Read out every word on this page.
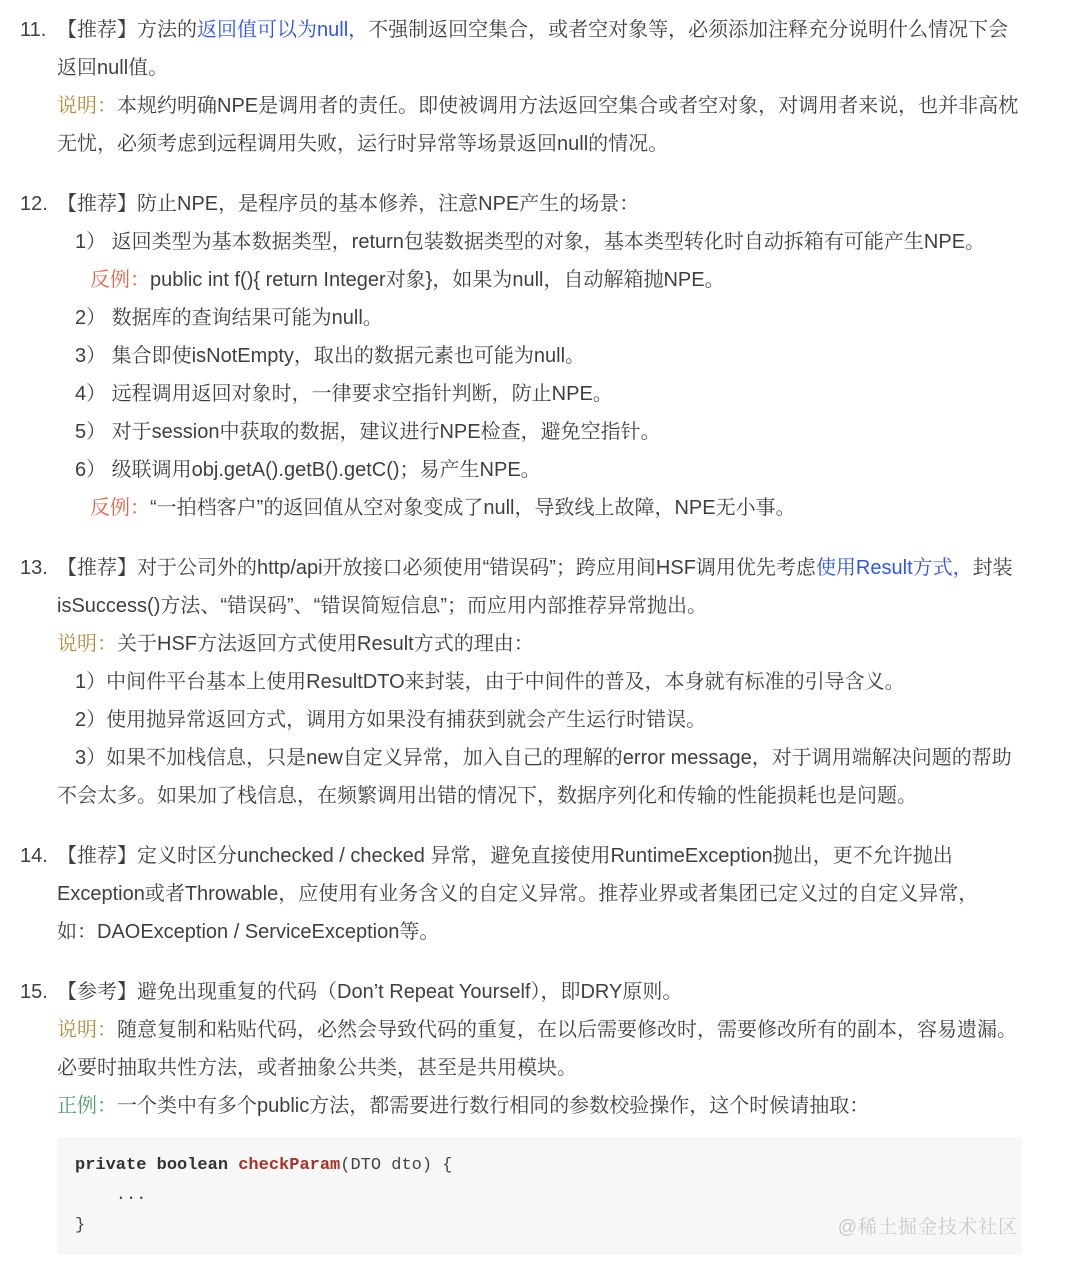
11. 【推荐】方法的返回值可以为null，不强制返回空集合，或者空对象等，必须添加注释充分说明什么情况下会
返回null值。
说明：本规约明确NPE是调用者的责任。即使被调用方法返回空集合或者空对象，对调用者来说，也并非高枕
无忧，必须考虑到远程调用失败，运行时异常等场景返回null的情况。
12. 【推荐】防止NPE，是程序员的基本修养，注意NPE产生的场景：
1） 返回类型为基本数据类型，return包装数据类型的对象，基本类型转化时自动拆箱有可能产生NPE。
反例：public int f(){ return Integer对象}，如果为null，自动解箱抛NPE。
2） 数据库的查询结果可能为null。
3） 集合即使isNotEmpty，取出的数据元素也可能为null。
4） 远程调用返回对象时，一律要求空指针判断，防止NPE。
5） 对于session中获取的数据，建议进行NPE检查，避免空指针。
6） 级联调用obj.getA().getB().getC()；易产生NPE。
反例：“一拍档客户”的返回值从空对象变成了null，导致线上故障，NPE无小事。
13. 【推荐】对于公司外的http/api开放接口必须使用“错误码”；跨应用间HSF调用优先考虑使用Result方式，封装
isSuccess()方法、“错误码”、“错误简短信息”；而应用内部推荐异常抛出。
说明：关于HSF方法返回方式使用Result方式的理由：
1）中间件平台基本上使用ResultDTO来封装，由于中间件的普及，本身就有标准的引导含义。
2）使用抛异常返回方式，调用方如果没有捕获到就会产生运行时错误。
3）如果不加栈信息，只是new自定义异常，加入自己的理解的error message，对于调用端解决问题的帮助
不会太多。如果加了栈信息，在频繁调用出错的情况下，数据序列化和传输的性能损耗也是问题。
14. 【推荐】定义时区分unchecked / checked 异常，避免直接使用RuntimeException抛出，更不允许抛出
Exception或者Throwable，应使用有业务含义的自定义异常。推荐业界或者集团已定义过的自定义异常，
如：DAOException / ServiceException等。
15. 【参考】避免出现重复的代码（Don’t Repeat Yourself），即DRY原则。
说明：随意复制和粘贴代码，必然会导致代码的重复，在以后需要修改时，需要修改所有的副本，容易遗漏。
必要时抽取共性方法，或者抽象公共类，甚至是共用模块。
正例：一个类中有多个public方法，都需要进行数行相同的参数校验操作，这个时候请抽取：
private boolean checkParam(DTO dto) {
...
}	@稀土掘金技术社区
